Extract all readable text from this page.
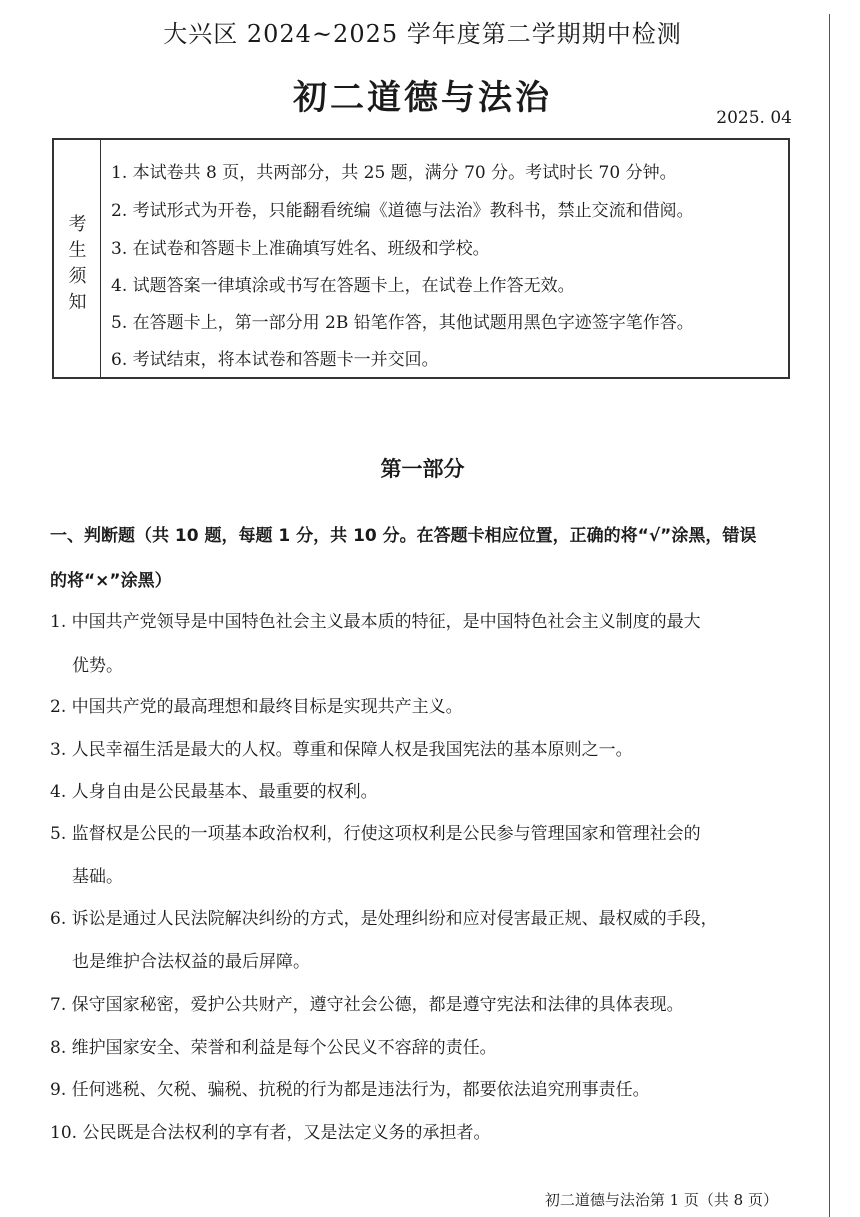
大兴区 2024~2025 学年度第二学期期中检测
初二道德与法治	2025. 04
考
生
须
知
1. 本试卷共 8 页，共两部分，共 25 题，满分 70 分。考试时长 70 分钟。
2. 考试形式为开卷，只能翻看统编《道德与法治》教科书，禁止交流和借阅。
3. 在试卷和答题卡上准确填写姓名、班级和学校。
4. 试题答案一律填涂或书写在答题卡上，在试卷上作答无效。
5. 在答题卡上，第一部分用 2B 铅笔作答，其他试题用黑色字迹签字笔作答。
6. 考试结束，将本试卷和答题卡一并交回。
第一部分
一、判断题（共 10 题，每题 1 分，共 10 分。在答题卡相应位置，正确的将“√”涂黑，错误
的将“×”涂黑）
1. 中国共产党领导是中国特色社会主义最本质的特征，是中国特色社会主义制度的最大
优势。
2. 中国共产党的最高理想和最终目标是实现共产主义。
3. 人民幸福生活是最大的人权。尊重和保障人权是我国宪法的基本原则之一。
4. 人身自由是公民最基本、最重要的权利。
5. 监督权是公民的一项基本政治权利，行使这项权利是公民参与管理国家和管理社会的
基础。
6. 诉讼是通过人民法院解决纠纷的方式，是处理纠纷和应对侵害最正规、最权威的手段，
也是维护合法权益的最后屏障。
7. 保守国家秘密，爱护公共财产，遵守社会公德，都是遵守宪法和法律的具体表现。
8. 维护国家安全、荣誉和利益是每个公民义不容辞的责任。
9. 任何逃税、欠税、骗税、抗税的行为都是违法行为，都要依法追究刑事责任。
10. 公民既是合法权利的享有者，又是法定义务的承担者。
初二道德与法治第 1 页（共 8 页）
